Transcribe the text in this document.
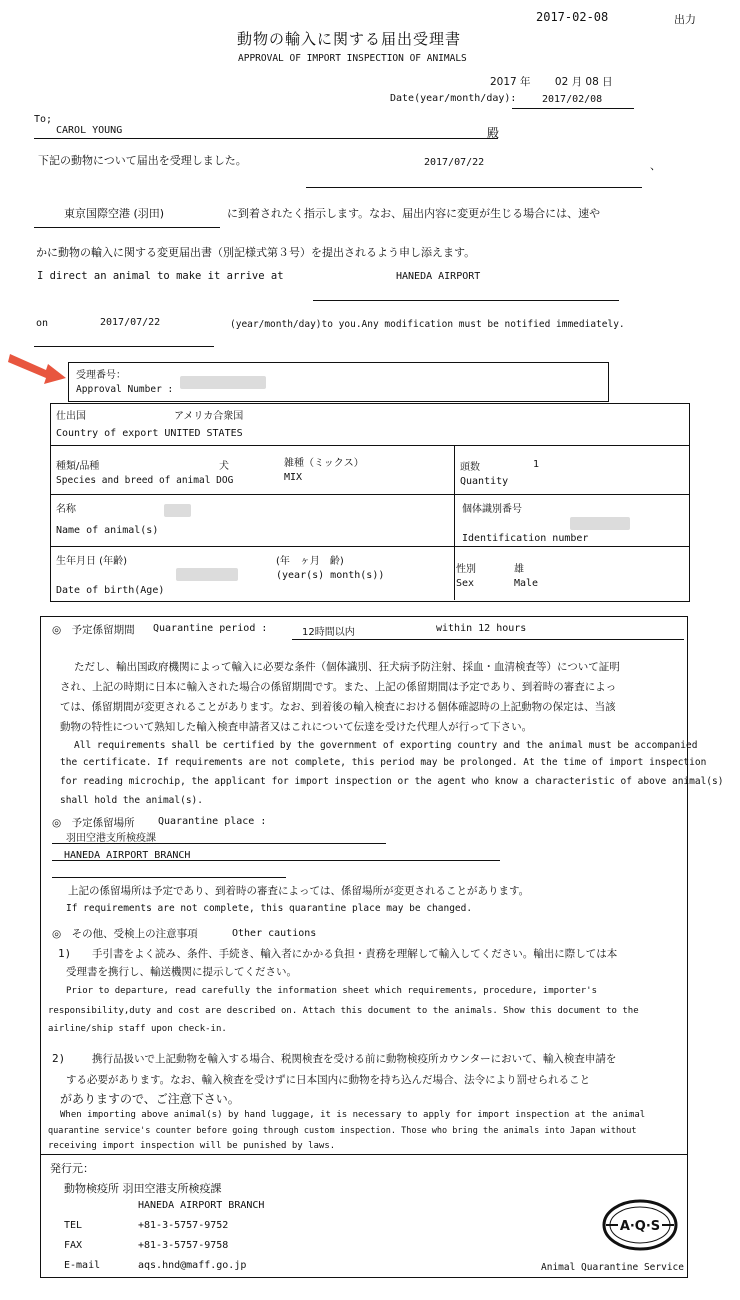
2017-02-08	出力
動物の輸入に関する届出受理書
APPROVAL OF IMPORT INSPECTION OF ANIMALS
2017 年　　 02 月 08 日
Date(year/month/day):	2017/02/08
To;
CAROL YOUNG	殿
下記の動物について届出を受理しました。	2017/07/22	、
東京国際空港 (羽田)	に到着されたく指示します。なお、届出内容に変更が生じる場合には、速や
かに動物の輸入に関する変更届出書（別記様式第３号）を提出されるよう申し添えます。
I direct an animal to make it arrive at	HANEDA AIRPORT
on	2017/07/22	(year/month/day)to you.Any modification must be notified immediately.
受理番号：
Approval Number :
仕出国	アメリカ合衆国
Country of export UNITED STATES
種類/品種	犬	雑種（ミックス）
Species and breed of animal DOG	MIX
頭数	1
Quantity
名称
Name of animal(s)
個体識別番号
Identification number
生年月日 (年齢)	(年　ヶ月　齢)
(year(s) month(s))
Date of birth(Age)
性別	雄
Sex	Male
◎　予定係留期間 Quarantine period :	12時間以内	within 12 hours
ただし、輸出国政府機関によって輸入に必要な条件（個体識別、狂犬病予防注射、採血・血清検査等）について証明
され、上記の時期に日本に輸入された場合の係留期間です。また、上記の係留期間は予定であり、到着時の審査によっ
ては、係留期間が変更されることがあります。なお、到着後の輸入検査における個体確認時の上記動物の保定は、当該
動物の特性について熟知した輸入検査申請者又はこれについて伝達を受けた代理人が行って下さい。
All requirements shall be certified by the government of exporting country and the animal must be accompanied
the certificate. If requirements are not complete, this period may be prolonged. At the time of import inspection
for reading microchip, the applicant for import inspection or the agent who know a characteristic of above animal(s)
shall hold the animal(s).
◎　予定係留場所 Quarantine place :
羽田空港支所検疫課
HANEDA AIRPORT BRANCH
上記の係留場所は予定であり、到着時の審査によっては、係留場所が変更されることがあります。
If requirements are not complete, this quarantine place may be changed.
◎　その他、受検上の注意事項	Other cautions
1) 手引書をよく読み、条件、手続き、輸入者にかかる負担・責務を理解して輸入してください。輸出に際しては本
受理書を携行し、輸送機関に提示してください。
Prior to departure, read carefully the information sheet which requirements, procedure, importer's
responsibility,duty and cost are described on. Attach this document to the animals. Show this document to the
airline/ship staff upon check-in.
2)	携行品扱いで上記動物を輸入する場合、税関検査を受ける前に動物検疫所カウンターにおいて、輸入検査申請を
する必要があります。なお、輸入検査を受けずに日本国内に動物を持ち込んだ場合、法令により罰せられること
がありますので、ご注意下さい。
When importing above animal(s) by hand luggage, it is necessary to apply for import inspection at the animal
quarantine service's counter before going through custom inspection. Those who bring the animals into Japan without
receiving import inspection will be punished by laws.
発行元：
動物検疫所 羽田空港支所検疫課
HANEDA AIRPORT BRANCH
TEL	+81-3-5757-9752
FAX	+81-3-5757-9758
E-mail	aqs.hnd@maff.go.jp
A·Q·S
Animal Quarantine Service
